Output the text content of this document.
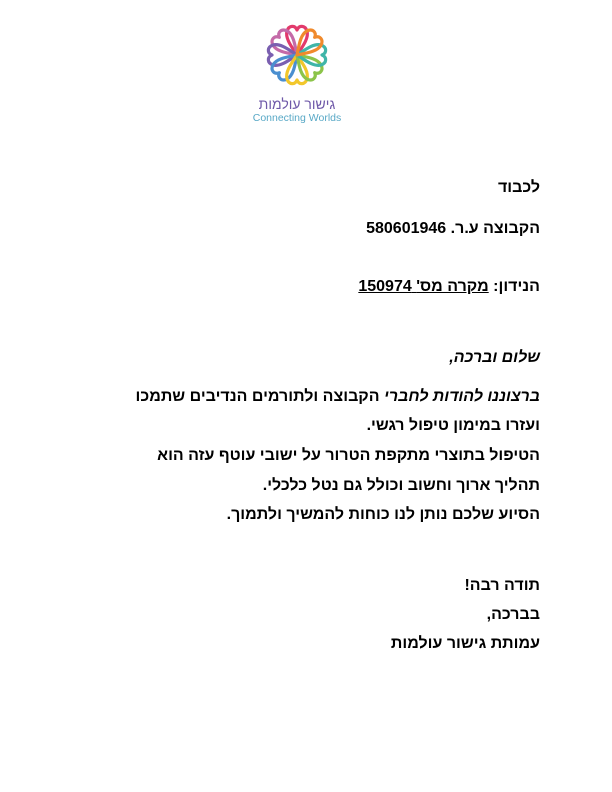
גישור עולמות
Connecting Worlds
לכבוד
הקבוצה ע.ר. 580601946
הנידון: מקרה מס' 150974
שלום וברכה,
ברצוננו להודות לחברי הקבוצה ולתורמים הנדיבים שתמכו
ועזרו במימון טיפול רגשי.
הטיפול בתוצרי מתקפת הטרור על ישובי עוטף עזה הוא
תהליך ארוך וחשוב וכולל גם נטל כלכלי.
הסיוע שלכם נותן לנו כוחות להמשיך ולתמוך.
תודה רבה!
בברכה,
עמותת גישור עולמות
